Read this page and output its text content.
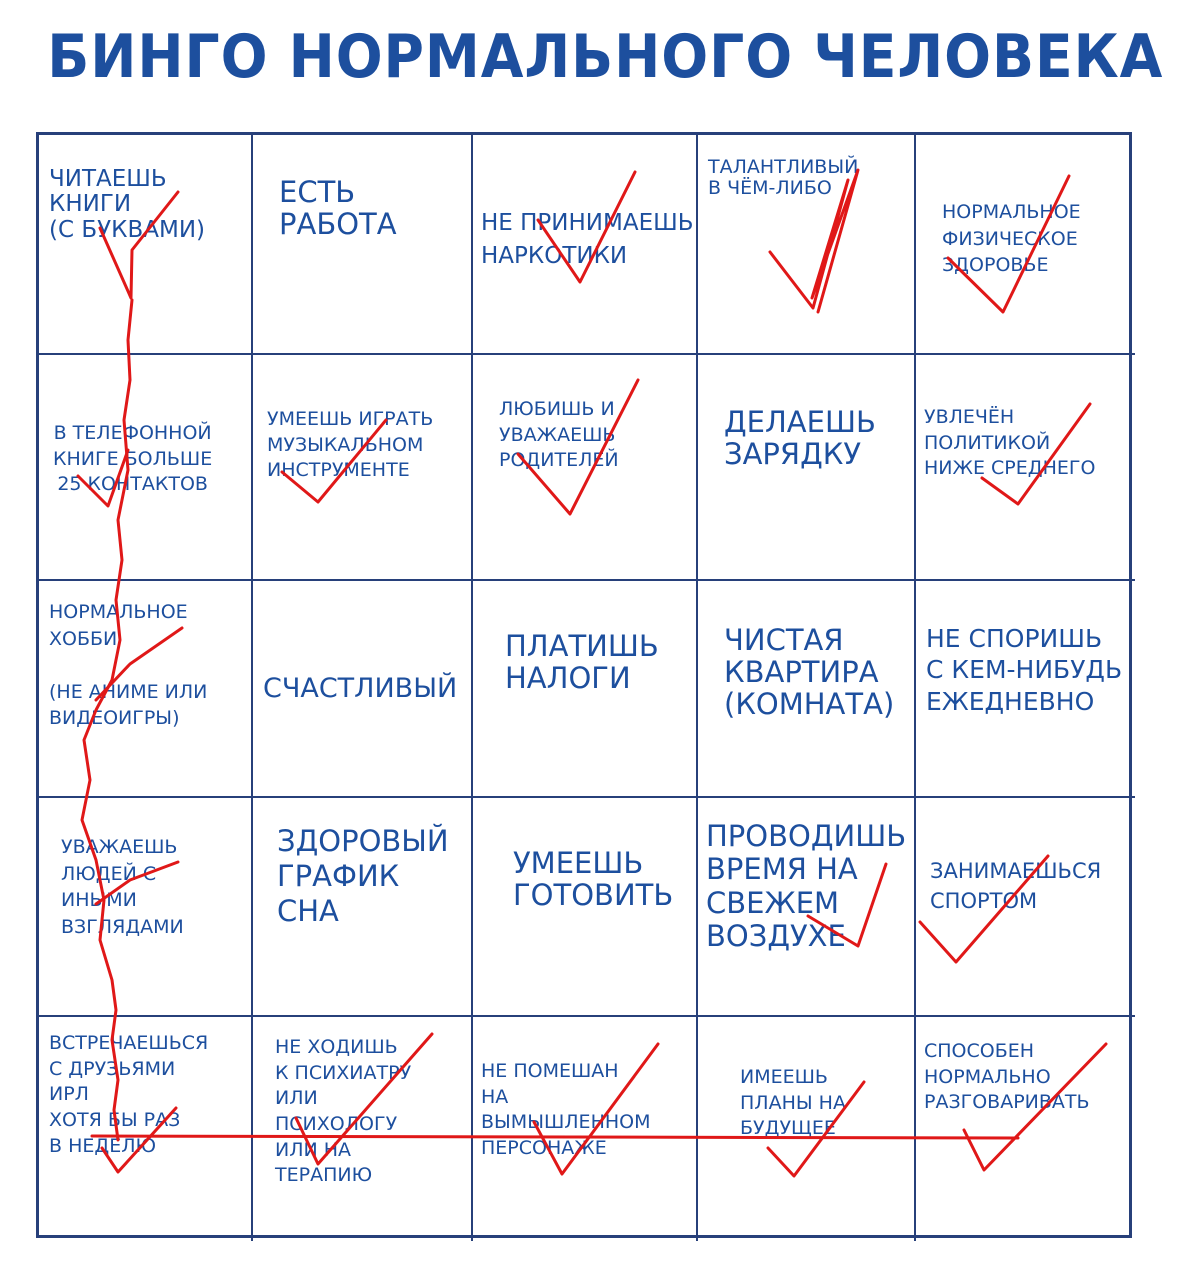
БИНГО НОРМАЛЬНОГО ЧЕЛОВЕКА
ЧИТАЕШЬ
КНИГИ
(С БУКВАМИ)
ЕСТЬ
РАБОТА	НЕ ПРИНИМАЕШЬ
НАРКОТИКИ
ТАЛАНТЛИВЫЙ
В ЧЁМ-ЛИБО
НОРМАЛЬНОЕ
ФИЗИЧЕСКОЕ
ЗДОРОВЬЕ
В ТЕЛЕФОННОЙ
КНИГЕ БОЛЬШЕ
25 КОНТАКТОВ
УМЕЕШЬ ИГРАТЬ
МУЗЫКАЛЬНОМ
ИНСТРУМЕНТЕ
ЛЮБИШЬ И
УВАЖАЕШЬ
РОДИТЕЛЕЙ
ДЕЛАЕШЬ
ЗАРЯДКУ
УВЛЕЧЁН
ПОЛИТИКОЙ
НИЖЕ СРЕДНЕГО
НОРМАЛЬНОЕ
ХОББИ

(НЕ АНИМЕ ИЛИ
ВИДЕОИГРЫ)
СЧАСТЛИВЫЙ
ПЛАТИШЬ
НАЛОГИ
ЧИСТАЯ
КВАРТИРА
(КОМНАТА)
НЕ СПОРИШЬ
С КЕМ-НИБУДЬ
ЕЖЕДНЕВНО
УВАЖАЕШЬ
ЛЮДЕЙ С
ИНЫМИ
ВЗГЛЯДАМИ
ЗДОРОВЫЙ
ГРАФИК
СНА
УМЕЕШЬ
ГОТОВИТЬ
ПРОВОДИШЬ
ВРЕМЯ НА
СВЕЖЕМ
ВОЗДУХЕ
ЗАНИМАЕШЬСЯ
СПОРТОМ
ВСТРЕЧАЕШЬСЯ
С ДРУЗЬЯМИ
ИРЛ
ХОТЯ БЫ РАЗ
В НЕДЕЛЮ
НЕ ХОДИШЬ
К ПСИХИАТРУ
ИЛИ
ПСИХОЛОГУ
ИЛИ НА
ТЕРАПИЮ
НЕ ПОМЕШАН
НА
ВЫМЫШЛЕННОМ
ПЕРСОНАЖЕ
ИМЕЕШЬ
ПЛАНЫ НА
БУДУЩЕЕ
СПОСОБЕН
НОРМАЛЬНО
РАЗГОВАРИВАТЬ
